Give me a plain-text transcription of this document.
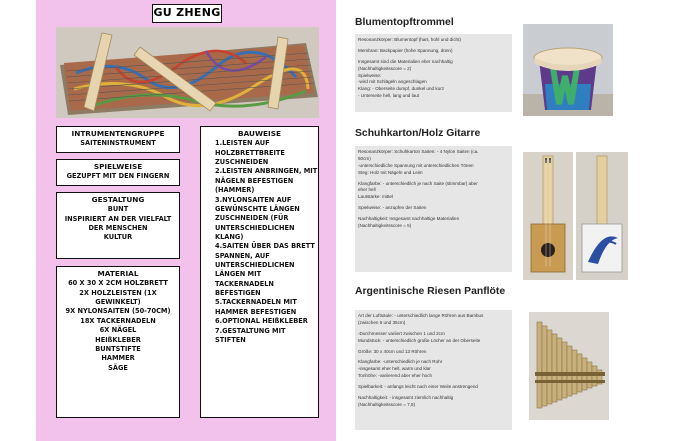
GU ZHENG
INTRUMENTENGRUPPE
SAITENINSTRUMENT
SPIELWEISE
GEZUPFT MIT DEN FINGERN
GESTALTUNG
BUNT
INSPIRIERT AN DER VIELFALT
DER MENSCHEN
KULTUR
MATERIAL
60 X 30 X 2CM HOLZBRETT
2X HOLZLEISTEN (1X
GEWINKELT)
9X NYLONSAITEN (50-70CM)
18X TACKERNADELN
6X NÄGEL
HEIßKLEBER
BUNTSTIFTE
HAMMER
SÄGE
BAUWEISE
1.LEISTEN AUF
HOLZBRETTBREITE
ZUSCHNEIDEN
2.LEISTEN ANBRINGEN, MIT
NÄGELN BEFESTIGEN
(HAMMER)
3.NYLONSAITEN AUF
GEWÜNSCHTE LÄNGEN
ZUSCHNEIDEN (FÜR
UNTERSCHIEDLICHEN
KLANG)
4.SAITEN ÜBER DAS BRETT
SPANNEN, AUF
UNTERSCHIEDLICHEN
LÄNGEN MIT
TACKERNADELN
BEFESTIGEN
5.TACKERNADELN MIT
HAMMER BEFESTIGEN
6.OPTIONAL HEIßKLEBER
7.GESTALTUNG MIT STIFTEN
Blumentopftrommel
Resonanzkörper: Blumentopf (hart, hohl und dicht)
Membran: Backpapier (hohe Spannung, dünn)
Insgesamt sind die Materialien eher nachhaltig
(Nachhaltigkeitsscore = 2)
Spielweise:
-wird mit Schlägeln angeschlagen
Klang: - Oberseite dumpf, dunkel und kurz
- Unterseite hell, lang und laut
Schuhkarton/Holz Gitarre
Resonanzkörper: Schuhkarton Saiten: - 4 Nylon Saiten (ca.
60cm)
-unterschiedliche Spannung mit unterschiedlichen Tönen
Steg: Holz mit Nägeln und Leim
Klangfarbe: - unterschiedlich je nach Saite (stimmbar) aber
eher hell
Lautstärke: mittel
Spielweise: - anzupfen der Saiten
Nachhaltigkeit: Insgesamt nachhaltige Materialien
(Nachhaltigkeitsscore = 5)
Argentinische Riesen Panflöte
Art der Luftsäule: - unterschiedlich lange Röhren aus Bambus
(zwischen 5 und 35cm)
-Durchmesser variiert zwischen 1 und 2cm
Mundstück: - unterschiedlich große Löcher an der Oberseite
Größe: 30 x 40cm und 13 Röhren
Klangfarbe: -unterschiedlich je nach Rohr
-insgesamt eher hell, warm und klar
Tonhöhe: -variierend aber eher hoch
Spielbarkeit: - anfangs leicht nach einer Weile anstrengend
Nachhaltigkeit: - insgesamt ziemlich nachhaltig
(Nachhaltigkeitsscore = 7,5)
